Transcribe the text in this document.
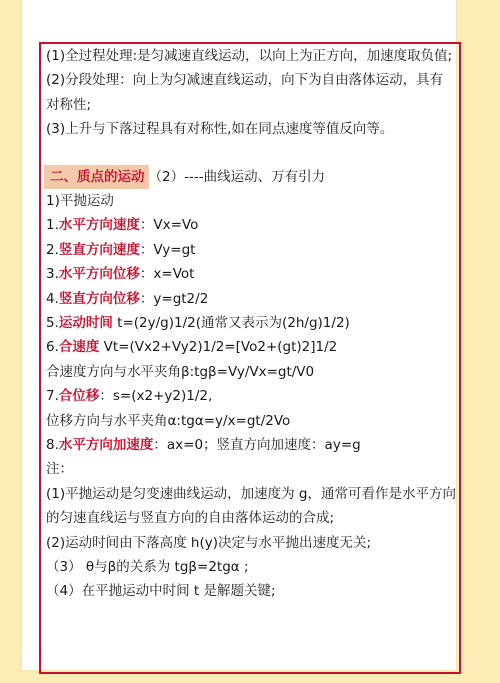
(1)全过程处理:是匀减速直线运动，以向上为正方向，加速度取负值;
(2)分段处理：向上为匀减速直线运动，向下为自由落体运动，具有对称性;
(3)上升与下落过程具有对称性,如在同点速度等值反向等。
二、质点的运动 （2）----曲线运动、万有引力
1)平抛运动
1.水平方向速度：Vx=Vo
2.竖直方向速度：Vy=gt
3.水平方向位移：x=Vot
4.竖直方向位移：y=gt2/2
5.运动时间 t=(2y/g)1/2(通常又表示为(2h/g)1/2)
6.合速度 Vt=(Vx2+Vy2)1/2=[Vo2+(gt)2]1/2
合速度方向与水平夹角β:tgβ=Vy/Vx=gt/V0
7.合位移：s=(x2+y2)1/2,
位移方向与水平夹角α:tgα=y/x=gt/2Vo
8.水平方向加速度：ax=0；竖直方向加速度：ay=g
注：
(1)平抛运动是匀变速曲线运动，加速度为 g，通常可看作是水平方向的匀速直线运与竖直方向的自由落体运动的合成;
(2)运动时间由下落高度 h(y)决定与水平抛出速度无关;
（3） θ与β的关系为 tgβ=2tgα ;
（4）在平抛运动中时间 t 是解题关键;
